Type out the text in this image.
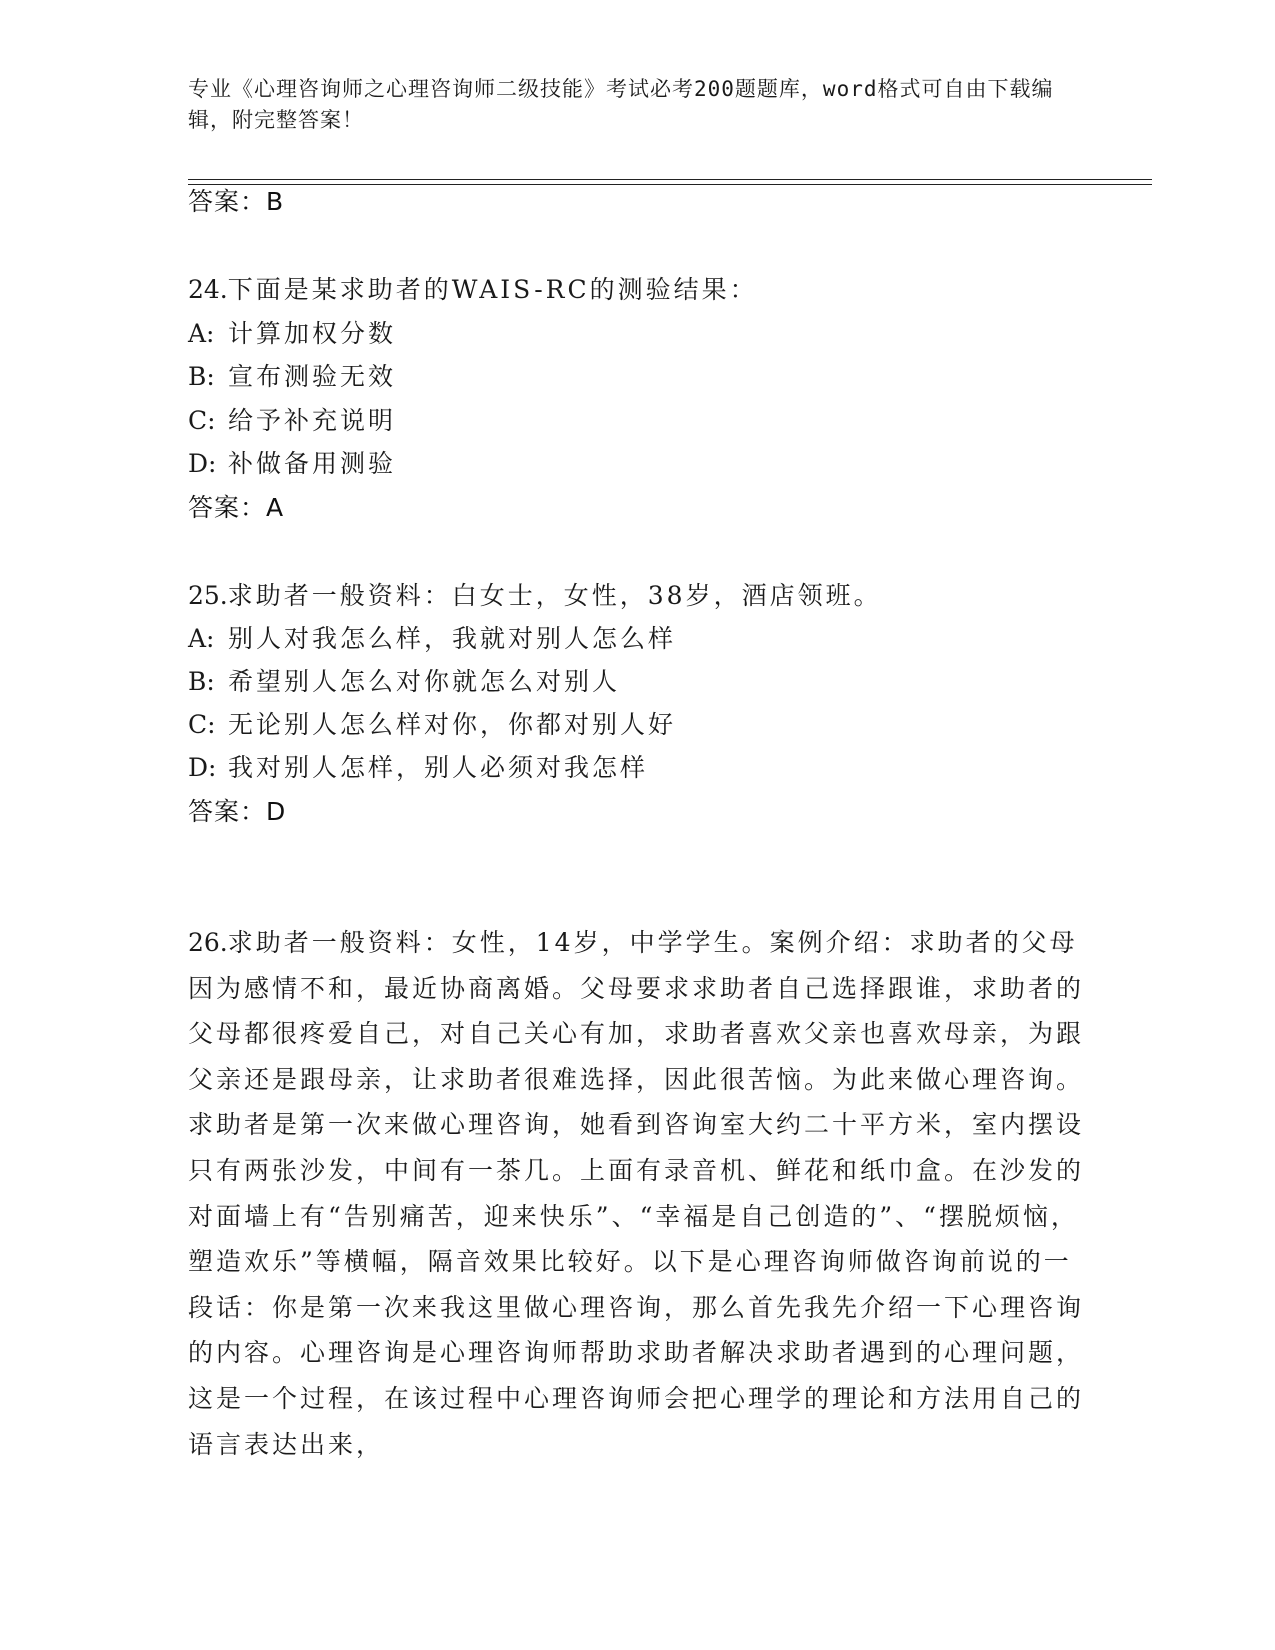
专业《心理咨询师之心理咨询师二级技能》考试必考200题题库，word格式可自由下载编辑，附完整答案！
答案：B
24.下面是某求助者的WAIS-RC的测验结果：
A: 计算加权分数
B: 宣布测验无效
C: 给予补充说明
D: 补做备用测验
答案：A
25.求助者一般资料：白女士，女性，38岁，酒店领班。
A: 别人对我怎么样，我就对别人怎么样
B: 希望别人怎么对你就怎么对别人
C: 无论别人怎么样对你，你都对别人好
D: 我对别人怎样，别人必须对我怎样
答案：D
26.求助者一般资料：女性，14岁，中学学生。案例介绍：求助者的父母因为感情不和，最近协商离婚。父母要求求助者自己选择跟谁，求助者的父母都很疼爱自己，对自己关心有加，求助者喜欢父亲也喜欢母亲，为跟父亲还是跟母亲，让求助者很难选择，因此很苦恼。为此来做心理咨询。求助者是第一次来做心理咨询，她看到咨询室大约二十平方米，室内摆设只有两张沙发，中间有一茶几。上面有录音机、鲜花和纸巾盒。在沙发的对面墙上有“告别痛苦，迎来快乐”、“幸福是自己创造的”、“摆脱烦恼，塑造欢乐”等横幅，隔音效果比较好。以下是心理咨询师做咨询前说的一段话：你是第一次来我这里做心理咨询，那么首先我先介绍一下心理咨询的内容。心理咨询是心理咨询师帮助求助者解决求助者遇到的心理问题，这是一个过程，在该过程中心理咨询师会把心理学的理论和方法用自己的语言表达出来，
